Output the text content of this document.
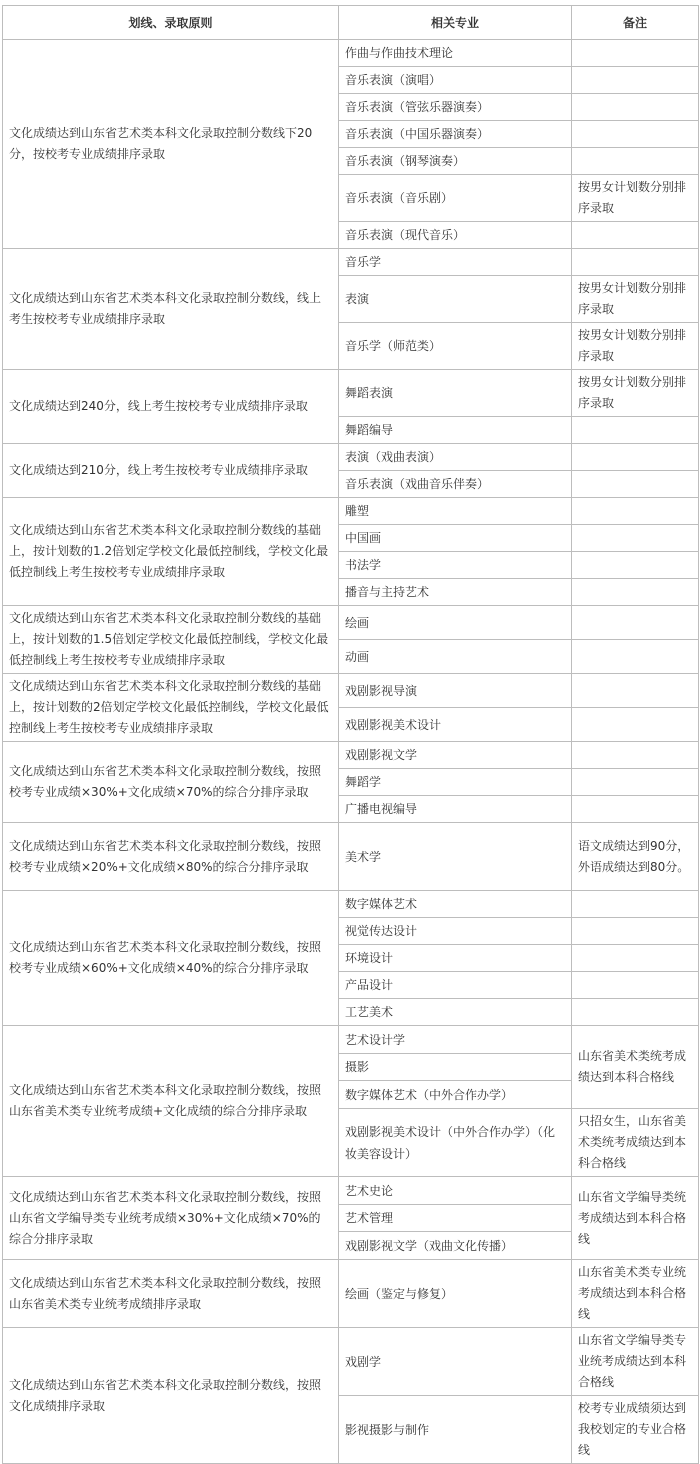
划线、录取原则	相关专业	备注
文化成绩达到山东省艺术类本科文化录取控制分数线下20分，按校考专业成绩排序录取	作曲与作曲技术理论	
	音乐表演（演唱）	
	音乐表演（管弦乐器演奏）	
	音乐表演（中国乐器演奏）	
	音乐表演（钢琴演奏）	
	音乐表演（音乐剧）	按男女计划数分别排序录取
	音乐表演（现代音乐）	
文化成绩达到山东省艺术类本科文化录取控制分数线，线上考生按校考专业成绩排序录取	音乐学	
	表演	按男女计划数分别排序录取
	音乐学（师范类）	按男女计划数分别排序录取
文化成绩达到240分，线上考生按校考专业成绩排序录取	舞蹈表演	按男女计划数分别排序录取
	舞蹈编导	
文化成绩达到210分，线上考生按校考专业成绩排序录取	表演（戏曲表演）	
	音乐表演（戏曲音乐伴奏）	
文化成绩达到山东省艺术类本科文化录取控制分数线的基础上，按计划数的1.2倍划定学校文化最低控制线，学校文化最低控制线上考生按校考专业成绩排序录取	雕塑	
	中国画	
	书法学	
	播音与主持艺术	
文化成绩达到山东省艺术类本科文化录取控制分数线的基础上，按计划数的1.5倍划定学校文化最低控制线，学校文化最低控制线上考生按校考专业成绩排序录取	绘画	
	动画	
文化成绩达到山东省艺术类本科文化录取控制分数线的基础上，按计划数的2倍划定学校文化最低控制线，学校文化最低控制线上考生按校考专业成绩排序录取	戏剧影视导演	
	戏剧影视美术设计	
文化成绩达到山东省艺术类本科文化录取控制分数线，按照校考专业成绩×30%+文化成绩×70%的综合分排序录取	戏剧影视文学	
	舞蹈学	
	广播电视编导	
文化成绩达到山东省艺术类本科文化录取控制分数线，按照校考专业成绩×20%+文化成绩×80%的综合分排序录取	美术学	语文成绩达到90分，外语成绩达到80分。
文化成绩达到山东省艺术类本科文化录取控制分数线，按照校考专业成绩×60%+文化成绩×40%的综合分排序录取	数字媒体艺术	
	视觉传达设计	
	环境设计	
	产品设计	
	工艺美术	
文化成绩达到山东省艺术类本科文化录取控制分数线，按照山东省美术类专业统考成绩+文化成绩的综合分排序录取	艺术设计学	山东省美术类统考成绩达到本科合格线
	摄影	
	数字媒体艺术（中外合作办学）	
	戏剧影视美术设计（中外合作办学）（化妆美容设计）	只招女生，山东省美术类统考成绩达到本科合格线
文化成绩达到山东省艺术类本科文化录取控制分数线，按照山东省文学编导类专业统考成绩×30%+文化成绩×70%的综合分排序录取	艺术史论	山东省文学编导类统考成绩达到本科合格线
	艺术管理	
	戏剧影视文学（戏曲文化传播）	
文化成绩达到山东省艺术类本科文化录取控制分数线，按照山东省美术类专业统考成绩排序录取	绘画（鉴定与修复）	山东省美术类专业统考成绩达到本科合格线
文化成绩达到山东省艺术类本科文化录取控制分数线，按照文化成绩排序录取	戏剧学	山东省文学编导类专业统考成绩达到本科合格线
	影视摄影与制作	校考专业成绩须达到我校划定的专业合格线
